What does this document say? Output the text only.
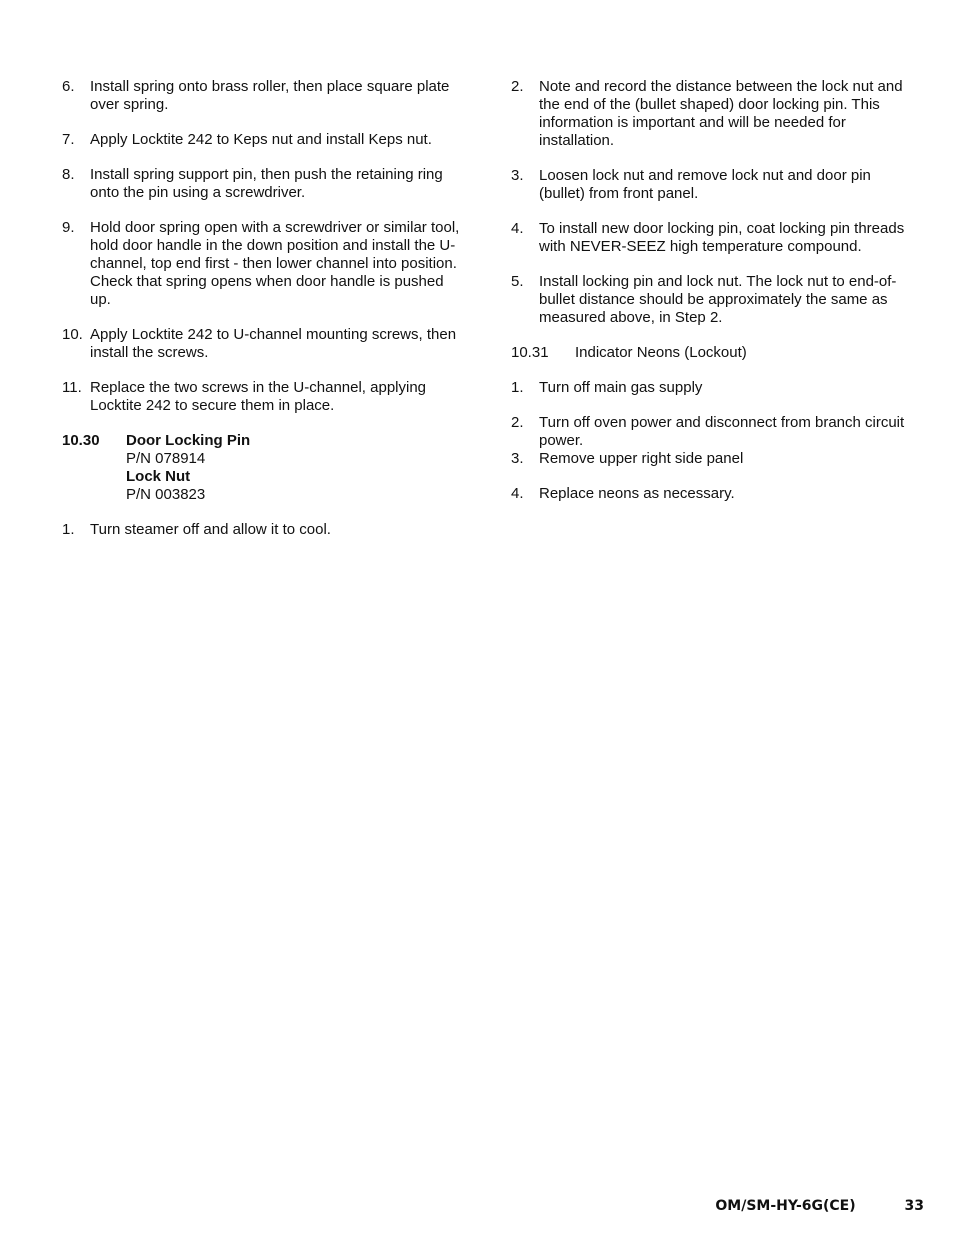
6.	Install spring onto brass roller, then place square plate over spring.
7.	Apply Locktite 242 to Keps nut and install Keps nut.
8.	Install spring support pin, then push the retaining ring onto the pin using a screwdriver.
9.	Hold door spring open with a screwdriver or similar tool, hold door handle in the down position and install the U-channel, top end first - then lower channel into position. Check that spring opens when door handle is pushed up.
10. Apply Locktite 242 to U-channel mounting screws, then install the screws.
11. Replace the two screws in the U-channel, applying Locktite 242 to secure them in place.
10.30	Door Locking Pin
P/N 078914
Lock Nut
P/N 003823
1.	Turn steamer off and allow it to cool.
2.	Note and record the distance between the lock nut and the end of the (bullet shaped) door locking pin. This information is important and will be needed for installation.
3.	Loosen lock nut and remove lock nut and door pin (bullet) from front panel.
4.	To install new door locking pin, coat locking pin threads with NEVER-SEEZ high temperature compound.
5.	Install locking pin and lock nut. The lock nut to end-of-bullet distance should be approximately the same as measured above, in Step 2.
10.31	Indicator Neons (Lockout)
1.	Turn off main gas supply
2.	Turn off oven power and disconnect from branch circuit power.
3.	Remove upper right side panel
4.	Replace neons as necessary.
OM/SM-HY-6G(CE)	33
